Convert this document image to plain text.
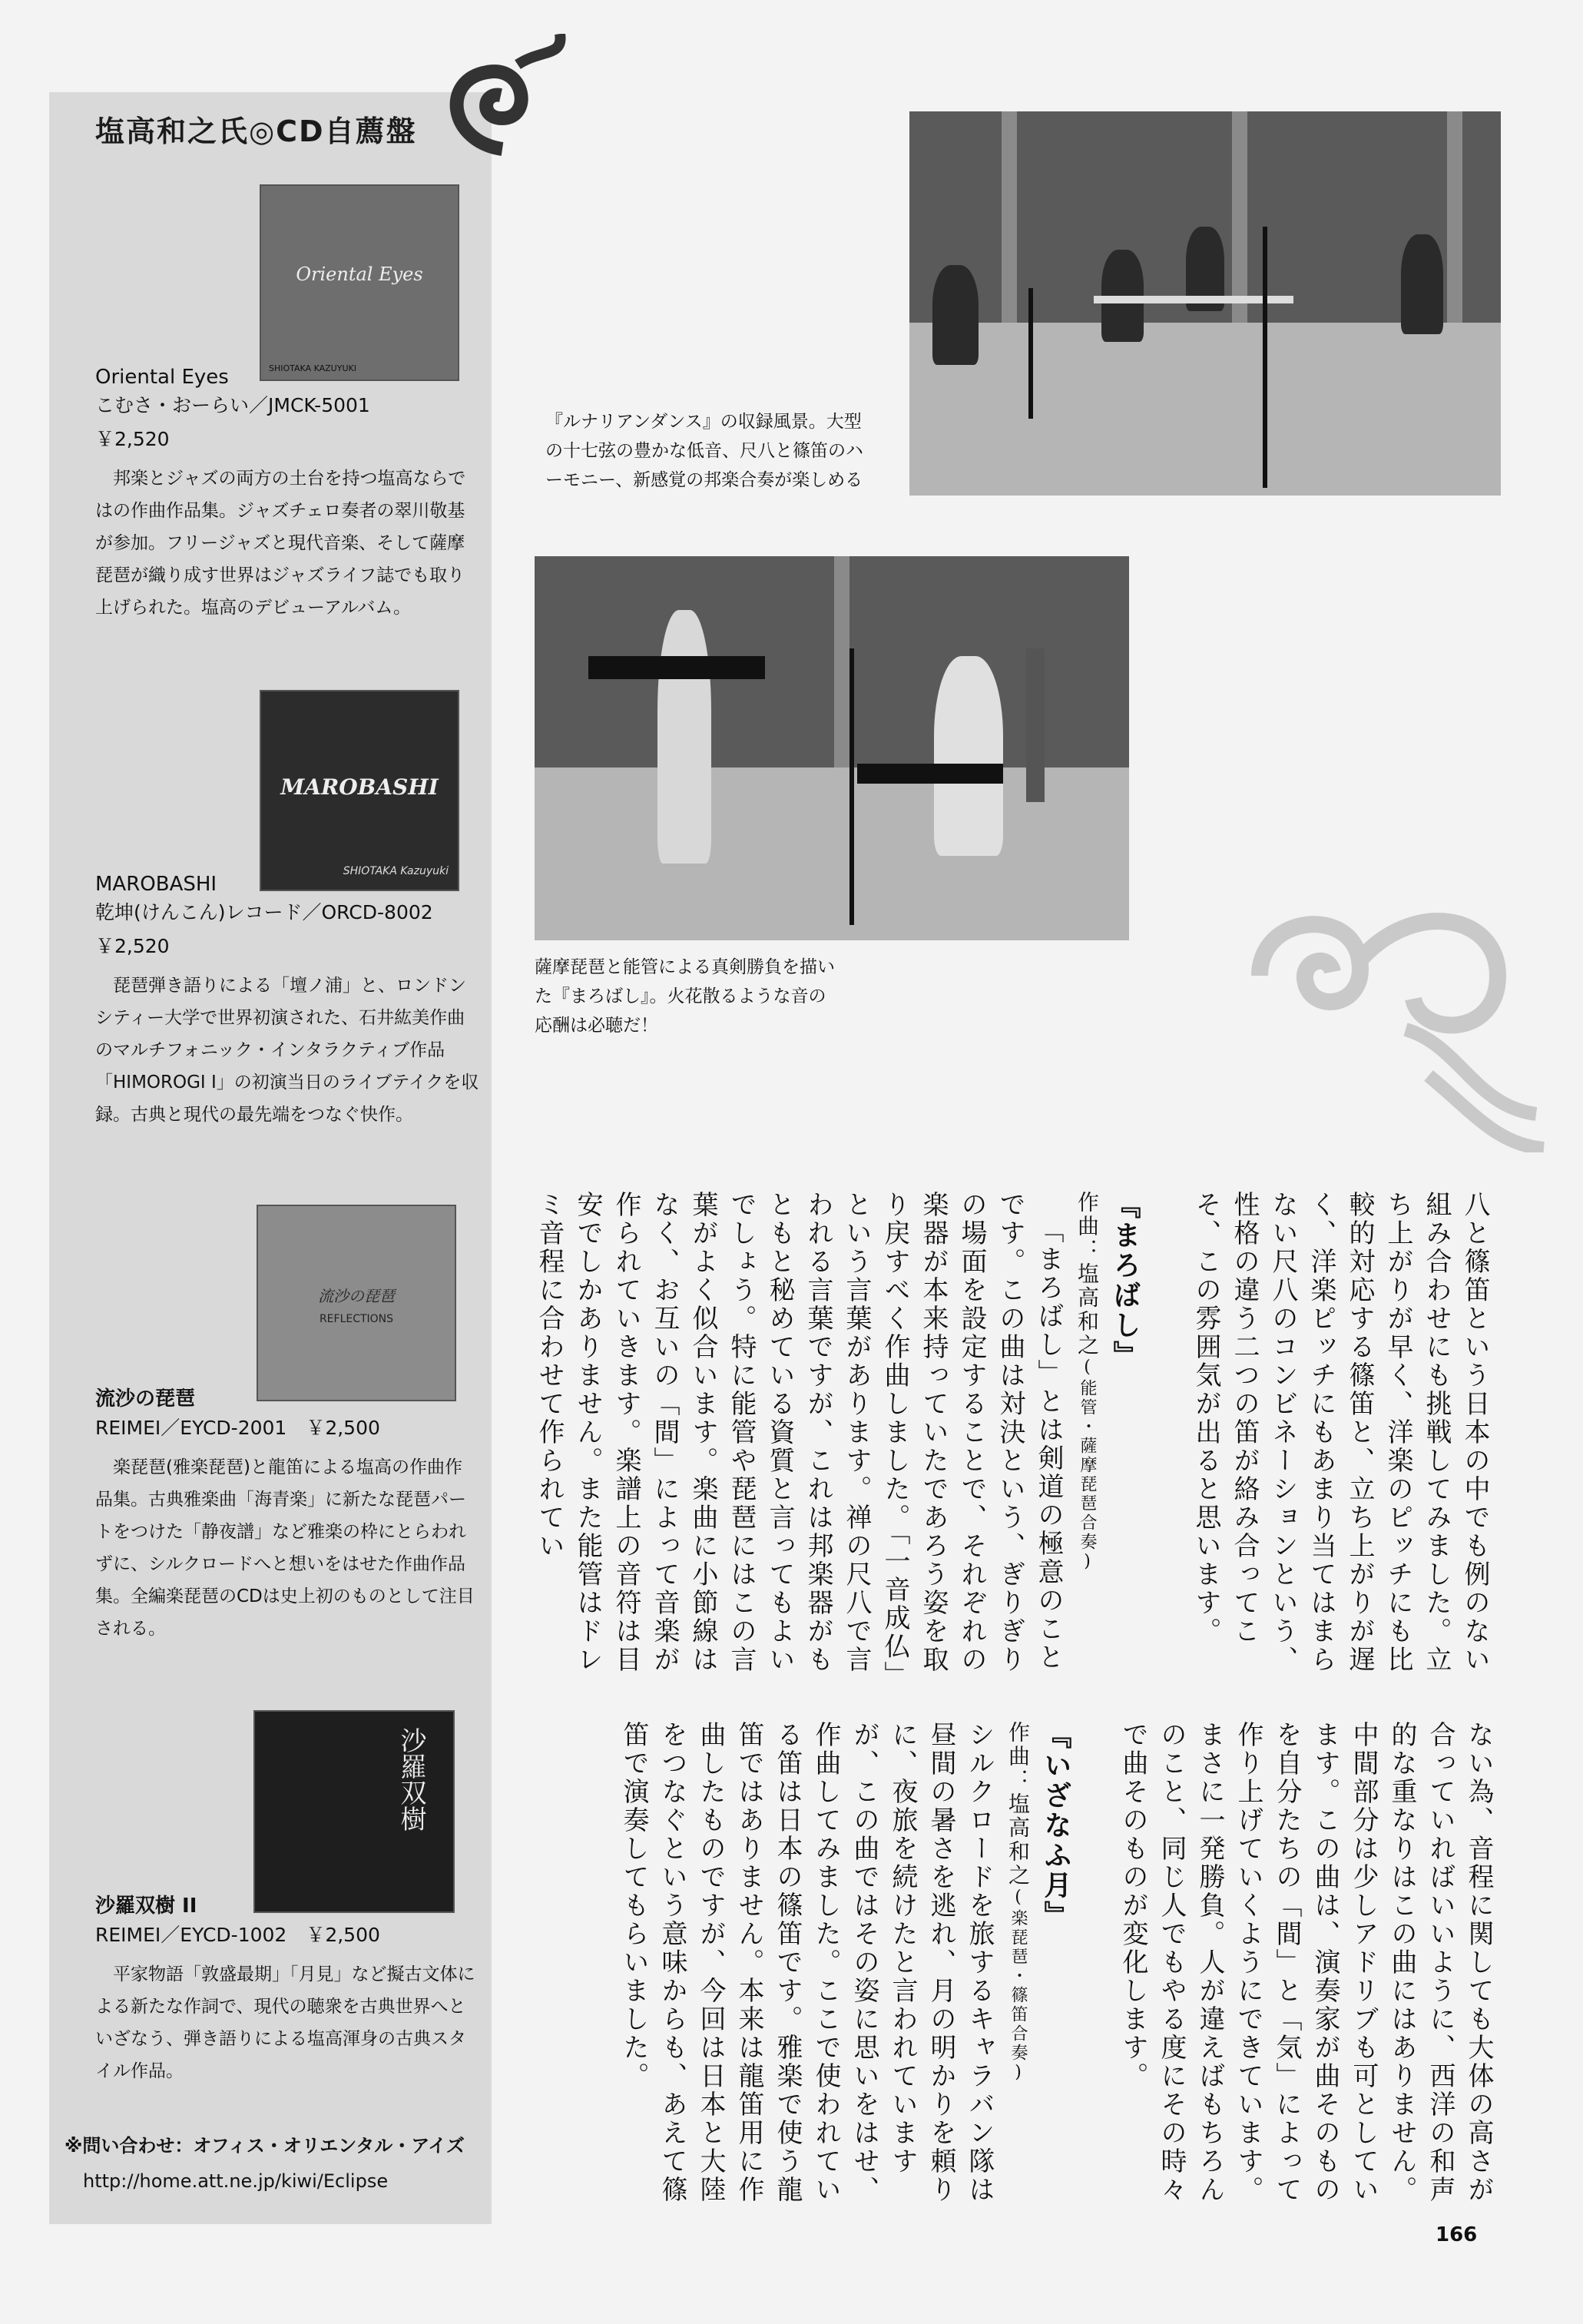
塩高和之氏◎CD自薦盤
Oriental Eyes
SHIOTAKA KAZUYUKI

Oriental Eyes

こむさ・おーらい／JMCK-5001

￥2,520

邦楽とジャズの両方の土台を持つ塩高ならではの作曲作品集。ジャズチェロ奏者の翠川敬基が参加。フリージャズと現代音楽、そして薩摩琵琶が織り成す世界はジャズライフ誌でも取り上げられた。塩高のデビューアルバム。

MAROBASHI
SHIOTAKA Kazuyuki

MAROBASHI

乾坤(けんこん)レコード／ORCD-8002

￥2,520

琵琶弾き語りによる「壇ノ浦」と、ロンドンシティー大学で世界初演された、石井紘美作曲のマルチフォニック・インタラクティブ作品「HIMOROGI Ⅰ」の初演当日のライブテイクを収録。古典と現代の最先端をつなぐ快作。

流沙の琵琶
REFLECTIONS

流沙の琵琶

REIMEI／EYCD-2001　￥2,500

楽琵琶(雅楽琵琶)と龍笛による塩高の作曲作品集。古典雅楽曲「海青楽」に新たな琵琶パートをつけた「静夜譜」など雅楽の枠にとらわれずに、シルクロードへと想いをはせた作曲作品集。全編楽琵琶のCDは史上初のものとして注目される。

沙羅双樹

沙羅双樹 II

REIMEI／EYCD-1002　￥2,500

平家物語「敦盛最期」「月見」など擬古文体による新たな作詞で、現代の聴衆を古典世界へといざなう、弾き語りによる塩高渾身の古典スタイル作品。

※問い合わせ：オフィス・オリエンタル・アイズ
http://home.att.ne.jp/kiwi/Eclipse
『ルナリアンダンス』の収録風景。大型の十七弦の豊かな低音、尺八と篠笛のハーモニー、新感覚の邦楽合奏が楽しめる
薩摩琵琶と能管による真剣勝負を描いた『まろばし』。火花散るような音の応酬は必聴だ！

八と篠笛という日本の中でも例のない組み合わせにも挑戦してみました。立ち上がりが早く、洋楽のピッチにも比較的対応する篠笛と、立ち上がりが遅く、洋楽ピッチにもあまり当てはまらない尺八のコンビネーションという、性格の違う二つの笛が絡み合ってこそ、この雰囲気が出ると思います。

『まろばし』

作曲：塩高和之(能管・薩摩琵琶合奏)

「まろばし」とは剣道の極意のことです。この曲は対決という、ぎりぎりの場面を設定することで、それぞれの楽器が本来持っていたであろう姿を取り戻すべく作曲しました。「一音成仏」という言葉があります。禅の尺八で言われる言葉ですが、これは邦楽器がもともと秘めている資質と言ってもよいでしょう。特に能管や琵琶にはこの言葉がよく似合います。楽曲に小節線はなく、お互いの「間」によって音楽が作られていきます。楽譜上の音符は目安でしかありません。また能管はドレミ音程に合わせて作られてい

ない為、音程に関しても大体の高さが合っていればいいように、西洋の和声的な重なりはこの曲にはありません。中間部分は少しアドリブも可としています。この曲は、演奏家が曲そのものを自分たちの「間」と「気」によって作り上げていくようにできています。まさに一発勝負。人が違えばもちろんのこと、同じ人でもやる度にその時々で曲そのものが変化します。

『いざなふ月』

作曲：塩高和之(楽琵琶・篠笛合奏)

シルクロードを旅するキャラバン隊は昼間の暑さを逃れ、月の明かりを頼りに、夜旅を続けたと言われていますが、この曲ではその姿に思いをはせ、作曲してみました。ここで使われている笛は日本の篠笛です。雅楽で使う龍笛ではありません。本来は龍笛用に作曲したものですが、今回は日本と大陸をつなぐという意味からも、あえて篠笛で演奏してもらいました。

166
